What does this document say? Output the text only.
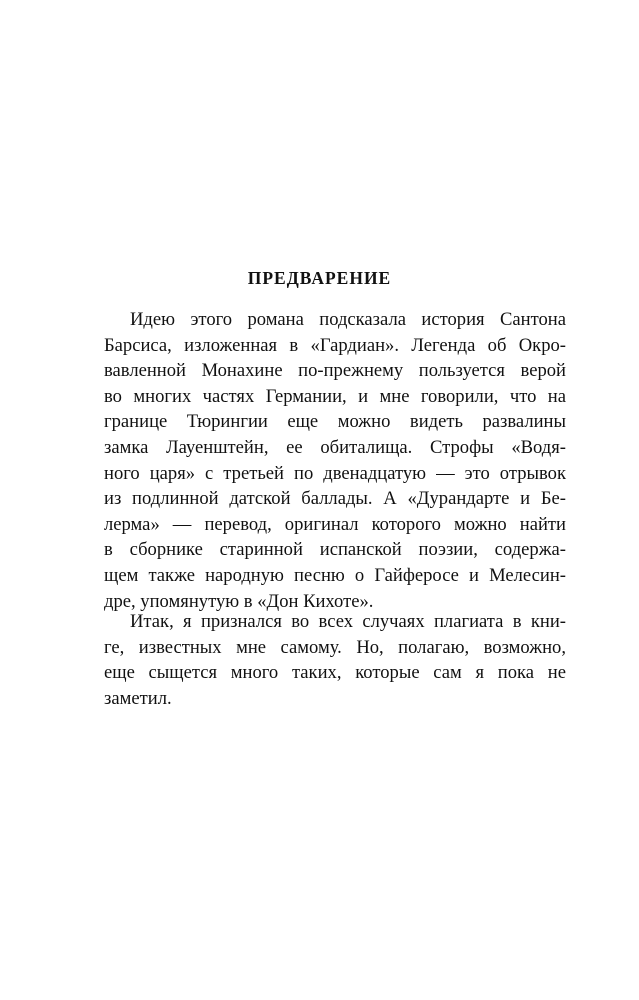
ПРЕДВАРЕНИЕ

Идею этого романа подсказала история Сантона
Барсиса, изложенная в «Гардиан». Легенда об Окро-
вавленной Монахине по-прежнему пользуется верой
во многих частях Германии, и мне говорили, что на
границе Тюрингии еще можно видеть развалины
замка Лауенштейн, ее обиталища. Строфы «Водя-
ного царя» с третьей по двенадцатую — это отрывок
из подлинной датской баллады. А «Дурандарте и Бе-
лерма» — перевод, оригинал которого можно найти
в сборнике старинной испанской поэзии, содержа-
щем также народную песню о Гайферосе и Мелесин-
дре, упомянутую в «Дон Кихоте».

Итак, я признался во всех случаях плагиата в кни-
ге, известных мне самому. Но, полагаю, возможно,
еще сыщется много таких, которые сам я пока не
заметил.
